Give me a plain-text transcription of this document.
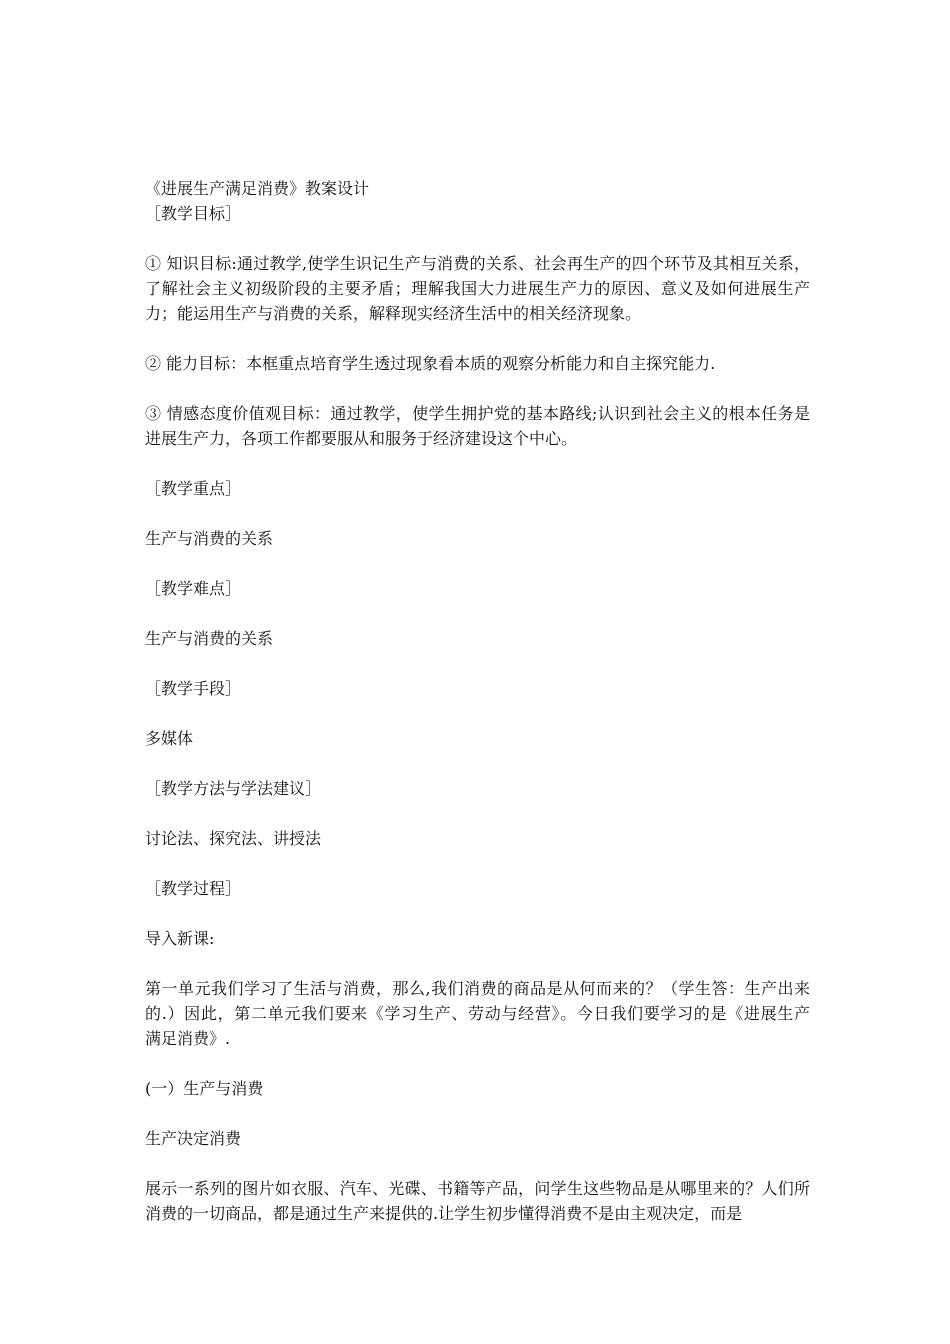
《进展生产满足消费》教案设计

［教学目标］

① 知识目标:通过教学,使学生识记生产与消费的关系、社会再生产的四个环节及其相互关系，了解社会主义初级阶段的主要矛盾；理解我国大力进展生产力的原因、意义及如何进展生产力；能运用生产与消费的关系，解释现实经济生活中的相关经济现象。

② 能力目标：本框重点培育学生透过现象看本质的观察分析能力和自主探究能力.

③ 情感态度价值观目标：通过教学，使学生拥护党的基本路线;认识到社会主义的根本任务是进展生产力，各项工作都要服从和服务于经济建设这个中心。

［教学重点］

生产与消费的关系

［教学难点］

生产与消费的关系

［教学手段］

多媒体

［教学方法与学法建议］

讨论法、探究法、讲授法

［教学过程］

导入新课:

第一单元我们学习了生活与消费，那么,我们消费的商品是从何而来的？（学生答：生产出来的.）因此，第二单元我们要来《学习生产、劳动与经营》。今日我们要学习的是《进展生产　满足消费》.

(一）生产与消费

生产决定消费

展示一系列的图片如衣服、汽车、光碟、书籍等产品，问学生这些物品是从哪里来的？人们所消费的一切商品，都是通过生产来提供的.让学生初步懂得消费不是由主观决定，而是
